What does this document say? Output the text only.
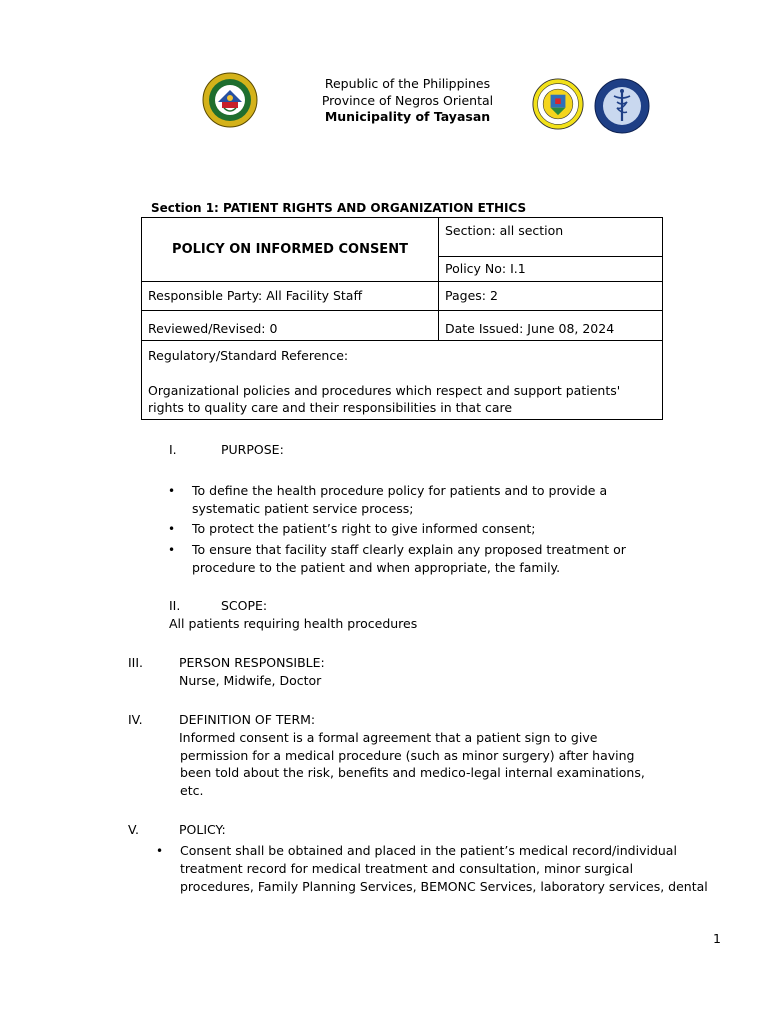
Republic of the Philippines
Province of Negros Oriental
Municipality of Tayasan
Section 1: PATIENT RIGHTS AND ORGANIZATION ETHICS
POLICY ON INFORMED CONSENT	Section: all section
	Policy No: I.1
Responsible Party: All Facility Staff	Pages: 2
Reviewed/Revised: 0	Date Issued: June 08, 2024

Regulatory/Standard Reference:
Organizational policies and procedures which respect and support patients' rights to quality care and their responsibilities in that care	
I.	PURPOSE:
• To define the health procedure policy for patients and to provide a systematic patient service process;
• To protect the patient’s right to give informed consent;
• To ensure that facility staff clearly explain any proposed treatment or procedure to the patient and when appropriate, the family.
II.	SCOPE:
All patients requiring health procedures
III.	PERSON RESPONSIBLE:
Nurse, Midwife, Doctor
IV.	DEFINITION OF TERM:
Informed consent is a formal agreement that a patient sign to give
permission for a medical procedure (such as minor surgery) after having
been told about the risk, benefits and medico-legal internal examinations,
etc.
V.	POLICY:
• Consent shall be obtained and placed in the patient’s medical record/individual
treatment record for medical treatment and consultation, minor surgical
procedures, Family Planning Services, BEMONC Services, laboratory services, dental
1
